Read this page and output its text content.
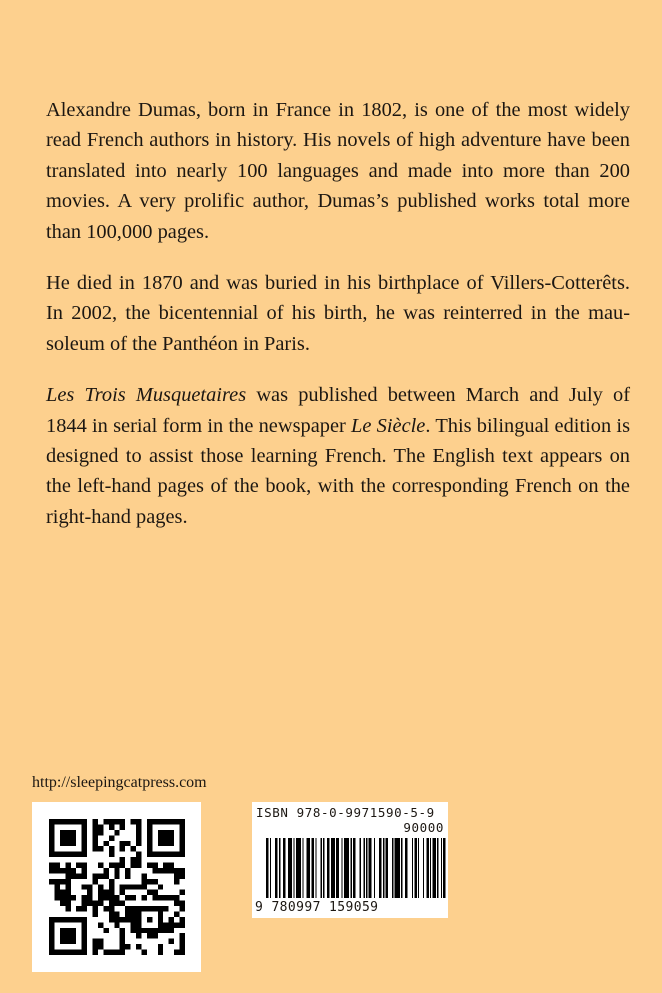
Alexandre Dumas, born in France in 1802, is one of the most widely read French authors in history. His novels of high adventure have been translated into nearly 100 languages and made into more than 200 movies. A very prolific author, Dumas’s published works total more than 100,000 pages.

He died in 1870 and was buried in his birthplace of Villers-Cotterêts. In 2002, the bicentennial of his birth, he was reinterred in the mausoleum of the Panthéon in Paris.

Les Trois Musquetaires was published between March and July of 1844 in serial form in the newspaper Le Siècle. This bilingual edition is designed to assist those learning French. The English text appears on the left-hand pages of the book, with the corresponding French on the right-hand pages.

http://sleepingcatpress.com
ISBN 978-0-9971590-5-9
90000
9 780997 159059
